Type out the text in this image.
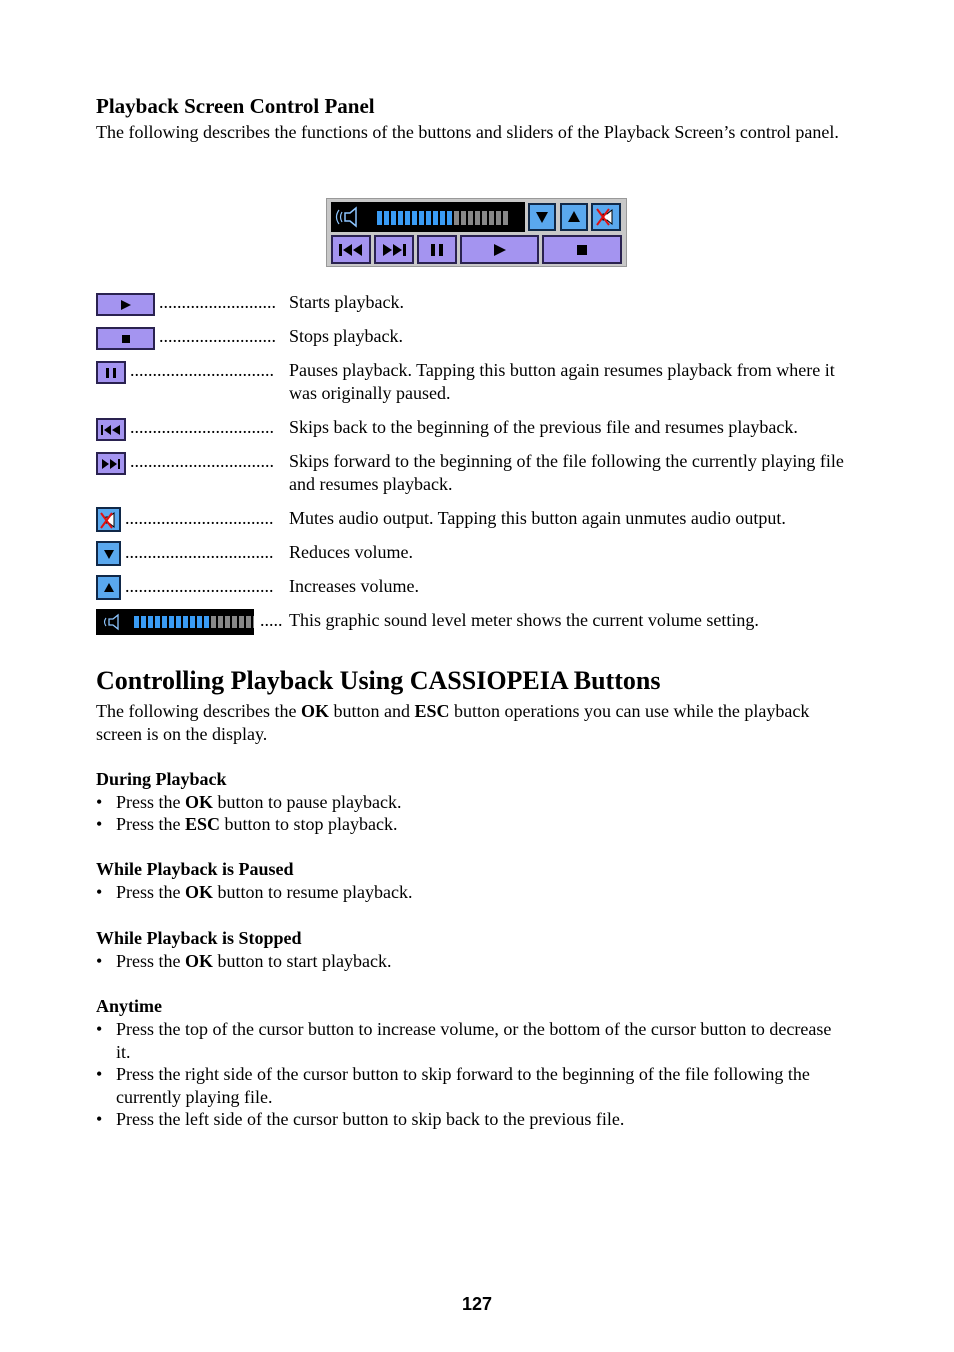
Playback Screen Control Panel
The following describes the functions of the buttons and sliders of the Playback Screen’s control panel.
.......................... Starts playback.
.......................... Stops playback.
................................ Pauses playback. Tapping this button again resumes playback from where it was originally paused.
................................ Skips back to the beginning of the previous file and resumes playback.
................................ Skips forward to the beginning of the file following the currently playing file and resumes playback.
................................. Mutes audio output. Tapping this button again unmutes audio output.
................................. Reduces volume.
................................. Increases volume.
..... This graphic sound level meter shows the current volume setting.
Controlling Playback Using CASSIOPEIA Buttons
The following describes the OK button and ESC button operations you can use while the playback screen is on the display.
During Playback
• Press the OK button to pause playback.
• Press the ESC button to stop playback.
While Playback is Paused
• Press the OK button to resume playback.
While Playback is Stopped
• Press the OK button to start playback.
Anytime
• Press the top of the cursor button to increase volume, or the bottom of the cursor button to decrease it.
• Press the right side of the cursor button to skip forward to the beginning of the file following the currently playing file.
• Press the left side of the cursor button to skip back to the previous file.
127
